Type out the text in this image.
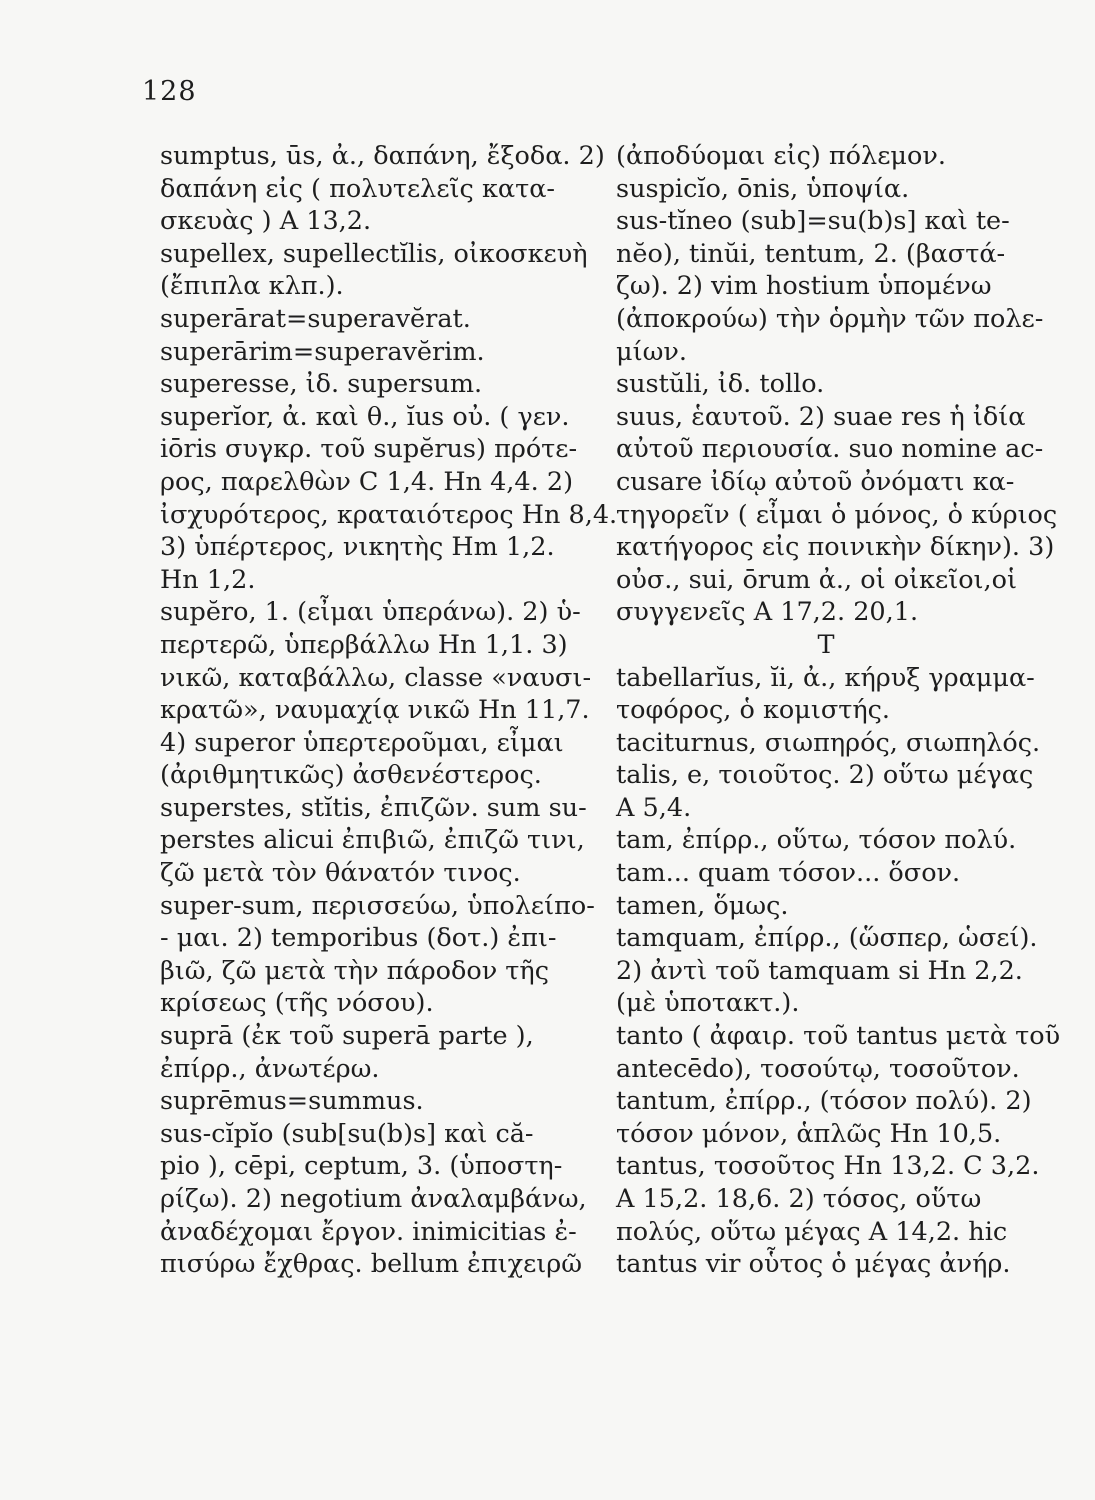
128
sumptus, ūs, ἀ., δαπάνη, ἔξοδα. 2)
δαπάνη εἰς ( πολυτελεῖς κατα-
σκευὰς ) A 13,2.
supellex, supellectĭlis, οἰκοσκευὴ
(ἔπιπλα κλπ.).
superārat=superavĕrat.
superārim=superavĕrim.
superesse, ἰδ. supersum.
superĭor, ἀ. καὶ θ., ĭus οὐ. ( γεν.
iōris συγκρ. τοῦ supĕrus) πρότε-
ρος, παρελθὼν C 1,4. Hn 4,4. 2)
ἰσχυρότερος, κραταιότερος Hn 8,4.
3) ὑπέρτερος, νικητὴς Hm 1,2.
Hn 1,2.
supĕro, 1. (εἶμαι ὑπεράνω). 2) ὑ-
περτερῶ, ὑπερβάλλω Hn 1,1. 3)
νικῶ, καταβάλλω, classe «ναυσι-
κρατῶ», ναυμαχίᾳ νικῶ Hn 11,7.
4) superor ὑπερτεροῦμαι, εἶμαι
(ἀριθμητικῶς) ἀσθενέστερος.
superstes, stĭtis, ἐπιζῶν. sum su-
perstes alicui ἐπιβιῶ, ἐπιζῶ τινι,
ζῶ μετὰ τὸν θάνατόν τινος.
super-sum, περισσεύω, ὑπολείπο-
- μαι. 2) temporibus (δοτ.) ἐπι-
βιῶ, ζῶ μετὰ τὴν πάροδον τῆς
κρίσεως (τῆς νόσου).
suprā (ἐκ τοῦ superā parte ),
ἐπίρρ., ἀνωτέρω.
suprēmus=summus.
sus-cĭpĭo (sub[su(b)s] καὶ că-
pio ), cēpi, ceptum, 3. (ὑποστη-
ρίζω). 2) negotium ἀναλαμβάνω,
ἀναδέχομαι ἔργον. inimicitias ἐ-
πισύρω ἔχθρας. bellum ἐπιχειρῶ
(ἀποδύομαι εἰς) πόλεμον.
suspicĭo, ōnis, ὑποψία.
sus-tĭneo (sub]=su(b)s] καὶ te-
nĕo), tinŭi, tentum, 2. (βαστά-
ζω). 2) vim hostium ὑπομένω
(ἀποκρούω) τὴν ὁρμὴν τῶν πολε-
μίων.
sustŭli, ἰδ. tollo.
suus, ἑαυτοῦ. 2) suae res ἡ ἰδία
αὐτοῦ περιουσία. suo nomine ac-
cusare ἰδίῳ αὐτοῦ ὀνόματι κα-
τηγορεῖν ( εἶμαι ὁ μόνος, ὁ κύριος
κατήγορος εἰς ποινικὴν δίκην). 3)
οὐσ., sui, ōrum ἀ., οἱ οἰκεῖοι,οἱ
συγγενεῖς A 17,2. 20,1.
T
tabellarĭus, ĭi, ἀ., κήρυξ γραμμα-
τοφόρος, ὁ κομιστής.
taciturnus, σιωπηρός, σιωπηλός.
talis, e, τοιοῦτος. 2) οὕτω μέγας
A 5,4.
tam, ἐπίρρ., οὕτω, τόσον πολύ.
tam... quam τόσον... ὅσον.
tamen, ὅμως.
tamquam, ἐπίρρ., (ὥσπερ, ὡσεί).
2) ἀντὶ τοῦ tamquam si Hn 2,2.
(μὲ ὑποτακτ.).
tanto ( ἀφαιρ. τοῦ tantus μετὰ τοῦ
antecēdo), τοσούτῳ, τοσοῦτον.
tantum, ἐπίρρ., (τόσον πολύ). 2)
τόσον μόνον, ἁπλῶς Hn 10,5.
tantus, τοσοῦτος Hn 13,2. C 3,2.
A 15,2. 18,6. 2) τόσος, οὕτω
πολύς, οὕτω μέγας A 14,2. hic
tantus vir οὗτος ὁ μέγας ἀνήρ.
